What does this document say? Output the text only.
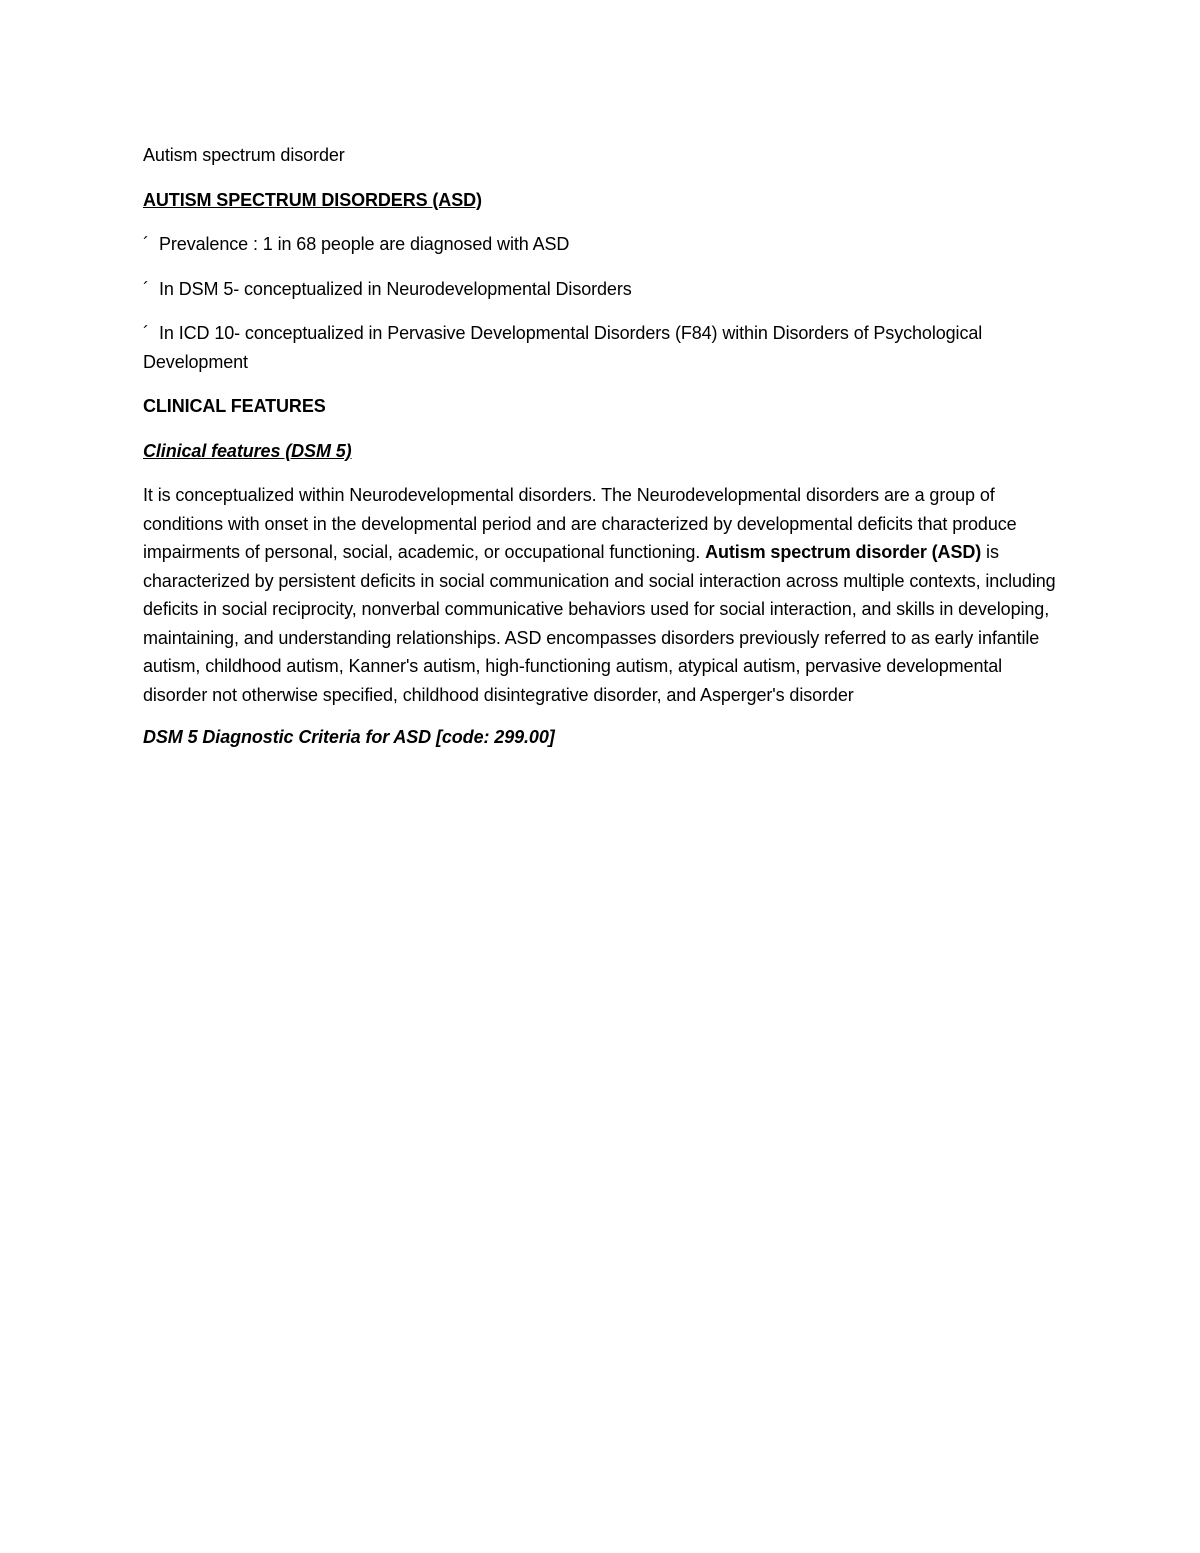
Autism spectrum disorder

AUTISM SPECTRUM DISORDERS (ASD)

´ Prevalence : 1 in 68 people are diagnosed with ASD

´ In DSM 5- conceptualized in Neurodevelopmental Disorders

´ In ICD 10- conceptualized in Pervasive Developmental Disorders (F84) within Disorders of Psychological Development

CLINICAL FEATURES

Clinical features (DSM 5)

It is conceptualized within Neurodevelopmental disorders. The Neurodevelopmental disorders are a group of conditions with onset in the developmental period and are characterized by developmental deficits that produce impairments of personal, social, academic, or occupational functioning. Autism spectrum disorder (ASD) is characterized by persistent deficits in social communication and social interaction across multiple contexts, including deficits in social reciprocity, nonverbal communicative behaviors used for social interaction, and skills in developing, maintaining, and understanding relationships. ASD encompasses disorders previously referred to as early infantile autism, childhood autism, Kanner's autism, high-functioning autism, atypical autism, pervasive developmental disorder not otherwise specified, childhood disintegrative disorder, and Asperger's disorder

DSM 5 Diagnostic Criteria for ASD [code: 299.00]
